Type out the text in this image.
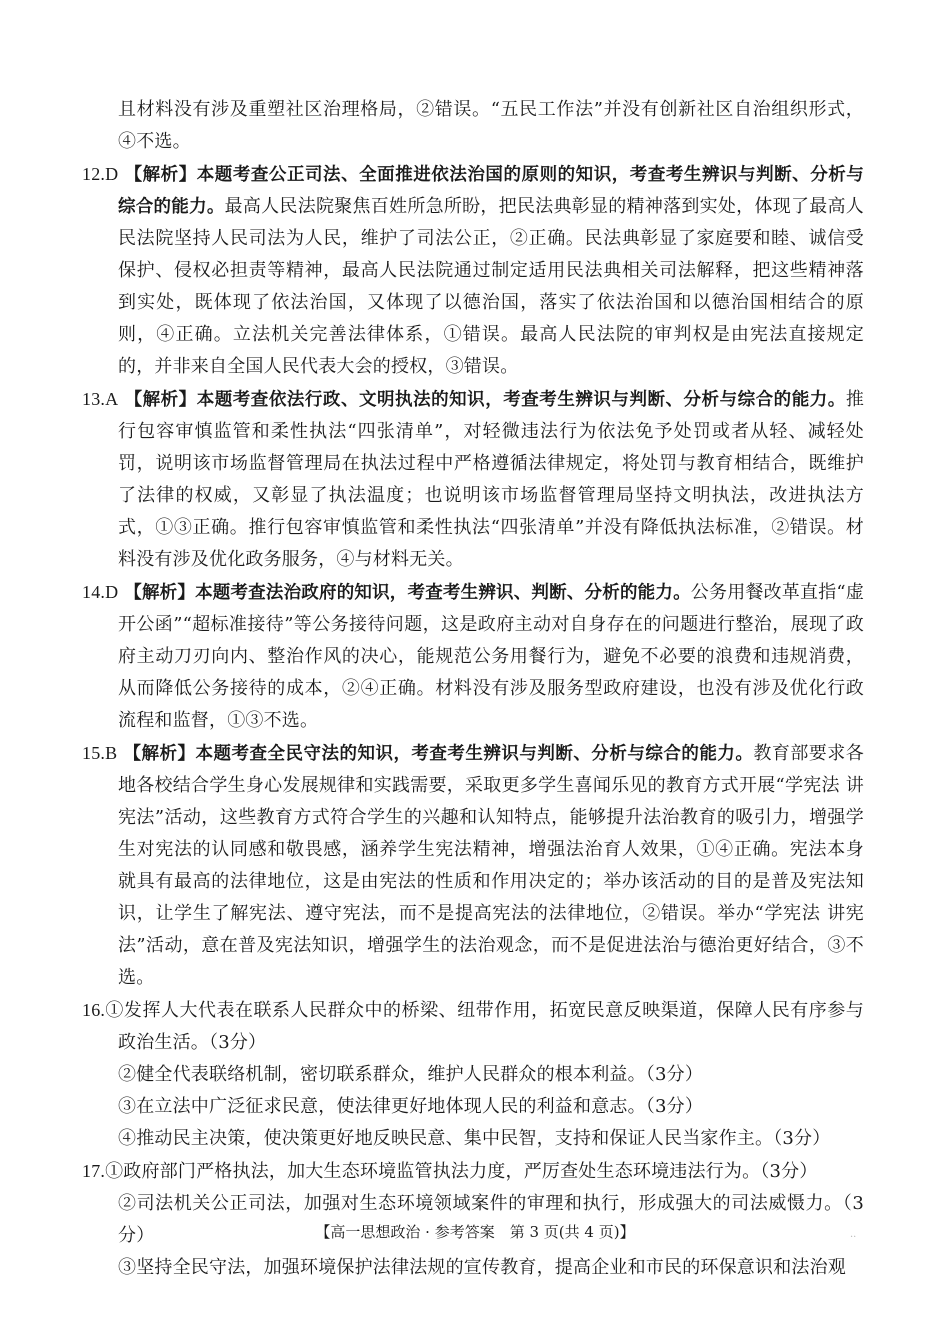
且材料没有涉及重塑社区治理格局，②错误。“五民工作法”并没有创新社区自治组织形式，④不选。

12.D 【解析】本题考查公正司法、全面推进依法治国的原则的知识，考查考生辨识与判断、分析与综合的能力。最高人民法院聚焦百姓所急所盼，把民法典彰显的精神落到实处，体现了最高人民法院坚持人民司法为人民，维护了司法公正，②正确。民法典彰显了家庭要和睦、诚信受保护、侵权必担责等精神，最高人民法院通过制定适用民法典相关司法解释，把这些精神落到实处，既体现了依法治国，又体现了以德治国，落实了依法治国和以德治国相结合的原则，④正确。立法机关完善法律体系，①错误。最高人民法院的审判权是由宪法直接规定的，并非来自全国人民代表大会的授权，③错误。

13.A 【解析】本题考查依法行政、文明执法的知识，考查考生辨识与判断、分析与综合的能力。推行包容审慎监管和柔性执法“四张清单”，对轻微违法行为依法免予处罚或者从轻、减轻处罚，说明该市场监督管理局在执法过程中严格遵循法律规定，将处罚与教育相结合，既维护了法律的权威，又彰显了执法温度；也说明该市场监督管理局坚持文明执法，改进执法方式，①③正确。推行包容审慎监管和柔性执法“四张清单”并没有降低执法标准，②错误。材料没有涉及优化政务服务，④与材料无关。

14.D 【解析】本题考查法治政府的知识，考查考生辨识、判断、分析的能力。公务用餐改革直指“虚开公函”“超标准接待”等公务接待问题，这是政府主动对自身存在的问题进行整治，展现了政府主动刀刃向内、整治作风的决心，能规范公务用餐行为，避免不必要的浪费和违规消费，从而降低公务接待的成本，②④正确。材料没有涉及服务型政府建设，也没有涉及优化行政流程和监督，①③不选。

15.B 【解析】本题考查全民守法的知识，考查考生辨识与判断、分析与综合的能力。教育部要求各地各校结合学生身心发展规律和实践需要，采取更多学生喜闻乐见的教育方式开展“学宪法 讲宪法”活动，这些教育方式符合学生的兴趣和认知特点，能够提升法治教育的吸引力，增强学生对宪法的认同感和敬畏感，涵养学生宪法精神，增强法治育人效果，①④正确。宪法本身就具有最高的法律地位，这是由宪法的性质和作用决定的；举办该活动的目的是普及宪法知识，让学生了解宪法、遵守宪法，而不是提高宪法的法律地位，②错误。举办“学宪法 讲宪法”活动，意在普及宪法知识，增强学生的法治观念，而不是促进法治与德治更好结合，③不选。

16.①发挥人大代表在联系人民群众中的桥梁、纽带作用，拓宽民意反映渠道，保障人民有序参与政治生活。（3分）

②健全代表联络机制，密切联系群众，维护人民群众的根本利益。（3分）

③在立法中广泛征求民意，使法律更好地体现人民的利益和意志。（3分）

④推动民主决策，使决策更好地反映民意、集中民智，支持和保证人民当家作主。（3分）

17.①政府部门严格执法，加大生态环境监管执法力度，严厉查处生态环境违法行为。（3分）

②司法机关公正司法，加强对生态环境领域案件的审理和执行，形成强大的司法威慑力。（3分）

③坚持全民守法，加强环境保护法律法规的宣传教育，提高企业和市民的环保意识和法治观

【高一思想政治 · 参考答案　第 3 页(共 4 页)】	··
